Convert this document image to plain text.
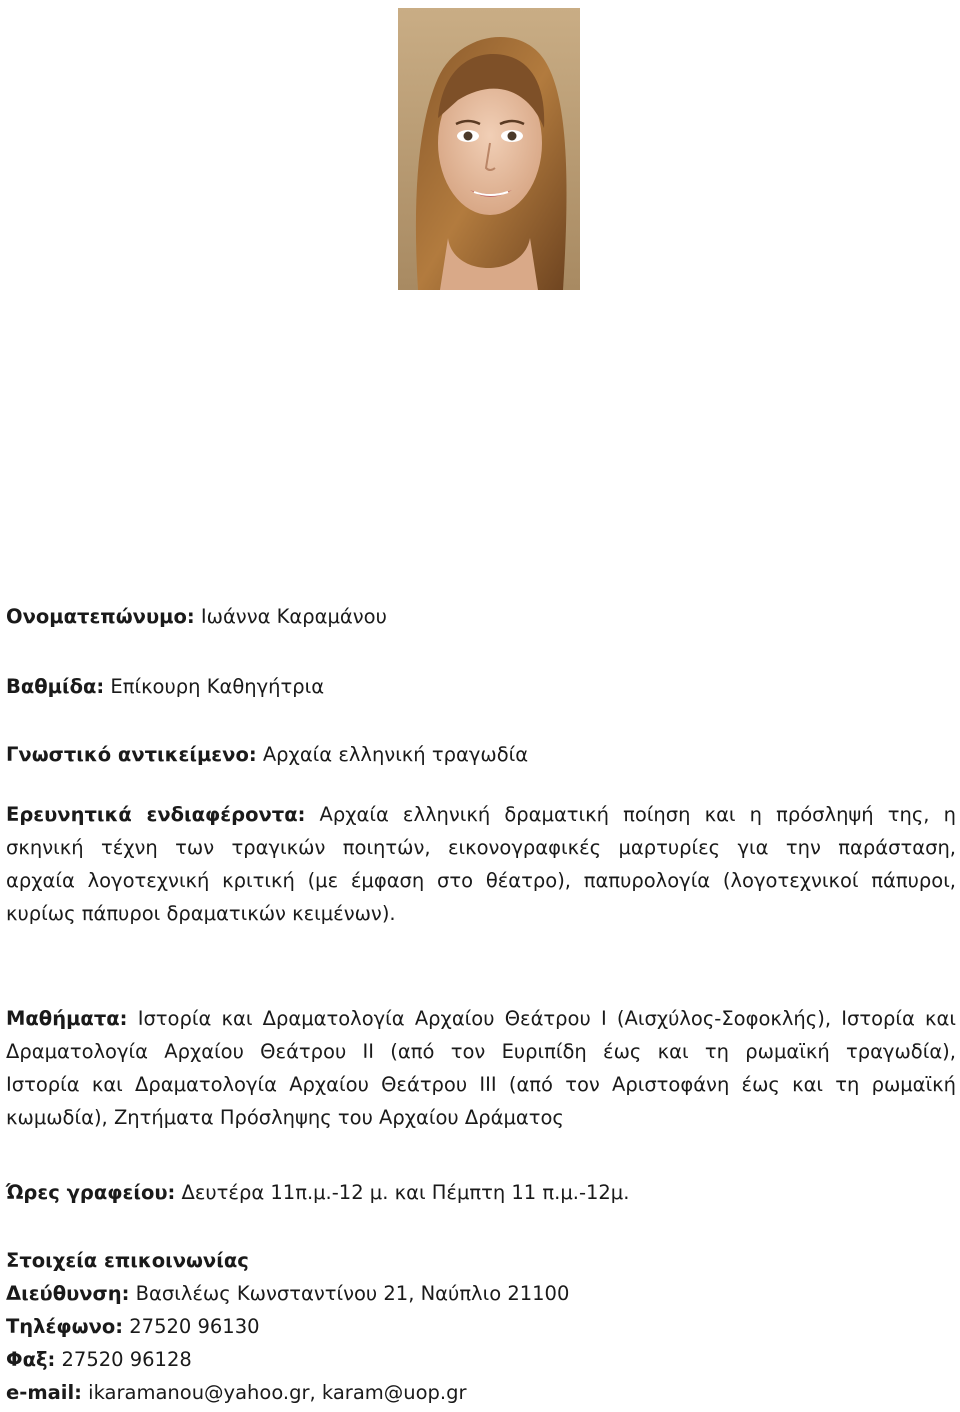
Ονοματεπώνυμο: Ιωάννα Καραμάνου

Βαθμίδα: Επίκουρη Καθηγήτρια

Γνωστικό αντικείμενο: Αρχαία ελληνική τραγωδία

Ερευνητικά ενδιαφέροντα: Αρχαία ελληνική δραματική ποίηση και η πρόσληψή της, η

σκηνική τέχνη των τραγικών ποιητών, εικονογραφικές μαρτυρίες για την παράσταση,

αρχαία λογοτεχνική κριτική (με έμφαση στο θέατρο), παπυρολογία (λογοτεχνικοί πάπυροι,

κυρίως πάπυροι δραματικών κειμένων).

Μαθήματα: Ιστορία και Δραματολογία Αρχαίου Θεάτρου Ι (Αισχύλος-Σοφοκλής), Ιστορία και

Δραματολογία Αρχαίου Θεάτρου ΙΙ (από τον Ευριπίδη έως και τη ρωμαϊκή τραγωδία),

Ιστορία και Δραματολογία Αρχαίου Θεάτρου ΙΙΙ (από τον Αριστοφάνη έως και τη ρωμαϊκή

κωμωδία), Ζητήματα Πρόσληψης του Αρχαίου Δράματος

Ώρες γραφείου: Δευτέρα 11π.μ.-12 μ. και Πέμπτη 11 π.μ.-12μ.

Στοιχεία επικοινωνίας

Διεύθυνση: Βασιλέως Κωνσταντίνου 21, Ναύπλιο 21100

Τηλέφωνο: 27520 96130

Φαξ: 27520 96128

e-mail: ikaramanou@yahoo.gr, karam@uop.gr
